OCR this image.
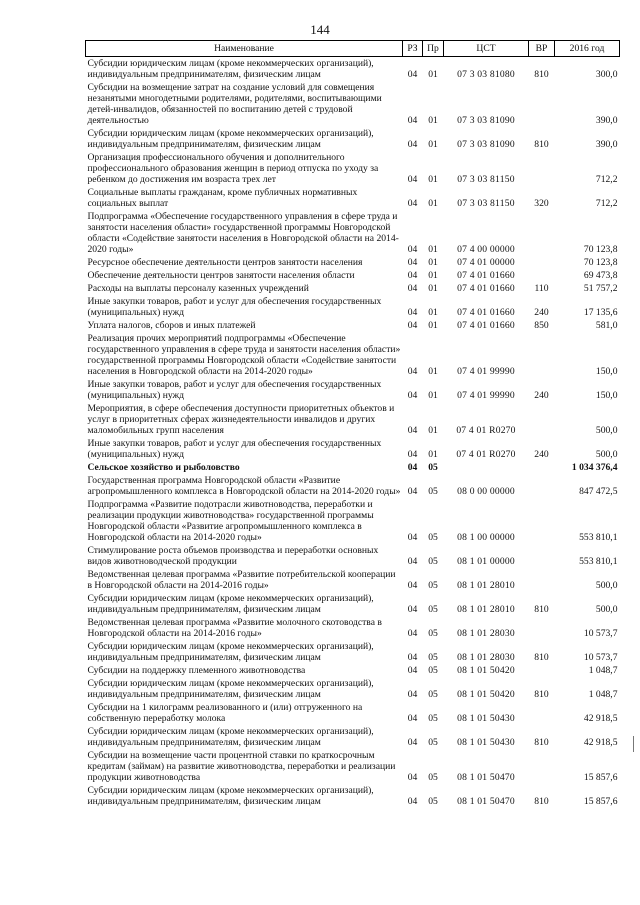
144
Наименование	РЗ	Пр	ЦСТ	ВР	2016 год
Субсидии юридическим лицам (кроме некоммерческих организаций), индивидуальным предпринимателям, физическим лицам	04	01	07 3 03 81080	810	300,0
Субсидии на возмещение затрат на создание условий для совмещения незанятыми многодетными родителями, родителями, воспитывающими детей-инвалидов, обязанностей по воспитанию детей с трудовой деятельностью	04	01	07 3 03 81090		390,0
Субсидии юридическим лицам (кроме некоммерческих организаций), индивидуальным предпринимателям, физическим лицам	04	01	07 3 03 81090	810	390,0
Организация профессионального обучения и дополнительного профессионального образования женщин в период отпуска по уходу за ребенком до достижения им возраста трех лет	04	01	07 3 03 81150		712,2
Социальные выплаты гражданам, кроме публичных нормативных социальных выплат	04	01	07 3 03 81150	320	712,2
Подпрограмма «Обеспечение государственного управления в сфере труда и занятости населения области» государственной программы Новгородской области «Содействие занятости населения в Новгородской области на 2014-2020 годы»	04	01	07 4 00 00000		70 123,8
Ресурсное обеспечение деятельности центров занятости населения	04	01	07 4 01 00000		70 123,8
Обеспечение деятельности центров занятости населения области	04	01	07 4 01 01660		69 473,8
Расходы на выплаты персоналу казенных учреждений	04	01	07 4 01 01660	110	51 757,2
Иные закупки товаров, работ и услуг для обеспечения государственных (муниципальных) нужд	04	01	07 4 01 01660	240	17 135,6
Уплата налогов, сборов и иных платежей	04	01	07 4 01 01660	850	581,0
Реализация прочих мероприятий подпрограммы «Обеспечение государственного управления в сфере труда и занятости населения области» государственной программы Новгородской области «Содействие занятости населения в Новгородской области на 2014-2020 годы»	04	01	07 4 01 99990		150,0
Иные закупки товаров, работ и услуг для обеспечения государственных (муниципальных) нужд	04	01	07 4 01 99990	240	150,0
Мероприятия, в сфере обеспечения доступности приоритетных объектов и услуг в приоритетных сферах жизнедеятельности инвалидов и других маломобильных групп населения	04	01	07 4 01 R0270		500,0
Иные закупки товаров, работ и услуг для обеспечения государственных (муниципальных) нужд	04	01	07 4 01 R0270	240	500,0
Сельское хозяйство и рыболовство	04	05			1 034 376,4
Государственная программа Новгородской области «Развитие агропромышленного комплекса в Новгородской области на 2014-2020 годы»	04	05	08 0 00 00000		847 472,5
Подпрограмма «Развитие подотрасли животноводства, переработки и реализации продукции животноводства» государственной программы Новгородской области «Развитие агропромышленного комплекса в Новгородской области на 2014-2020 годы»	04	05	08 1 00 00000		553 810,1
Стимулирование роста объемов производства и переработки основных видов животноводческой продукции	04	05	08 1 01 00000		553 810,1
Ведомственная целевая программа «Развитие потребительской кооперации в Новгородской области на 2014-2016 годы»	04	05	08 1 01 28010		500,0
Субсидии юридическим лицам (кроме некоммерческих организаций), индивидуальным предпринимателям, физическим лицам	04	05	08 1 01 28010	810	500,0
Ведомственная целевая программа «Развитие молочного скотоводства в Новгородской области на 2014-2016 годы»	04	05	08 1 01 28030		10 573,7
Субсидии юридическим лицам (кроме некоммерческих организаций), индивидуальным предпринимателям, физическим лицам	04	05	08 1 01 28030	810	10 573,7
Субсидии на поддержку племенного животноводства	04	05	08 1 01 50420		1 048,7
Субсидии юридическим лицам (кроме некоммерческих организаций), индивидуальным предпринимателям, физическим лицам	04	05	08 1 01 50420	810	1 048,7
Субсидии на 1 килограмм реализованного и (или) отгруженного на собственную переработку молока	04	05	08 1 01 50430		42 918,5
Субсидии юридическим лицам (кроме некоммерческих организаций), индивидуальным предпринимателям, физическим лицам	04	05	08 1 01 50430	810	42 918,5
Субсидии на возмещение части процентной ставки по краткосрочным кредитам (займам) на развитие животноводства, переработки и реализации продукции животноводства	04	05	08 1 01 50470		15 857,6
Субсидии юридическим лицам (кроме некоммерческих организаций), индивидуальным предпринимателям, физическим лицам	04	05	08 1 01 50470	810	15 857,6
